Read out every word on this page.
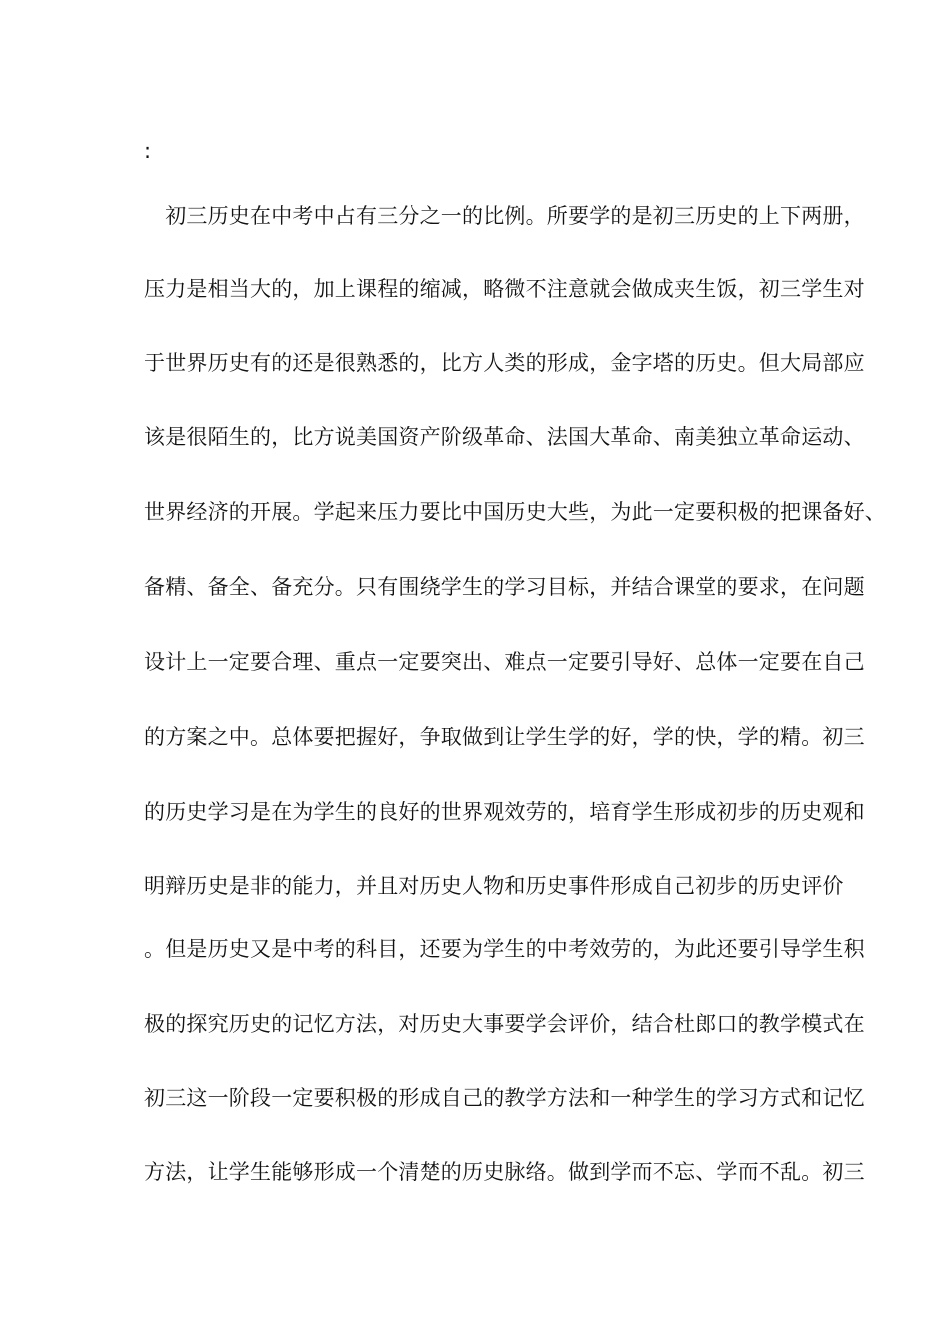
:
　初三历史在中考中占有三分之一的比例。所要学的是初三历史的上下两册，
压力是相当大的，加上课程的缩减，略微不注意就会做成夹生饭，初三学生对
于世界历史有的还是很熟悉的，比方人类的形成，金字塔的历史。但大局部应
该是很陌生的，比方说美国资产阶级革命、法国大革命、南美独立革命运动、
世界经济的开展。学起来压力要比中国历史大些，为此一定要积极的把课备好、
备精、备全、备充分。只有围绕学生的学习目标，并结合课堂的要求，在问题
设计上一定要合理、重点一定要突出、难点一定要引导好、总体一定要在自己
的方案之中。总体要把握好，争取做到让学生学的好，学的快，学的精。初三
的历史学习是在为学生的良好的世界观效劳的，培育学生形成初步的历史观和
明辩历史是非的能力，并且对历史人物和历史事件形成自己初步的历史评价
。但是历史又是中考的科目，还要为学生的中考效劳的，为此还要引导学生积
极的探究历史的记忆方法，对历史大事要学会评价，结合杜郎口的教学模式在
初三这一阶段一定要积极的形成自己的教学方法和一种学生的学习方式和记忆
方法，让学生能够形成一个清楚的历史脉络。做到学而不忘、学而不乱。初三
